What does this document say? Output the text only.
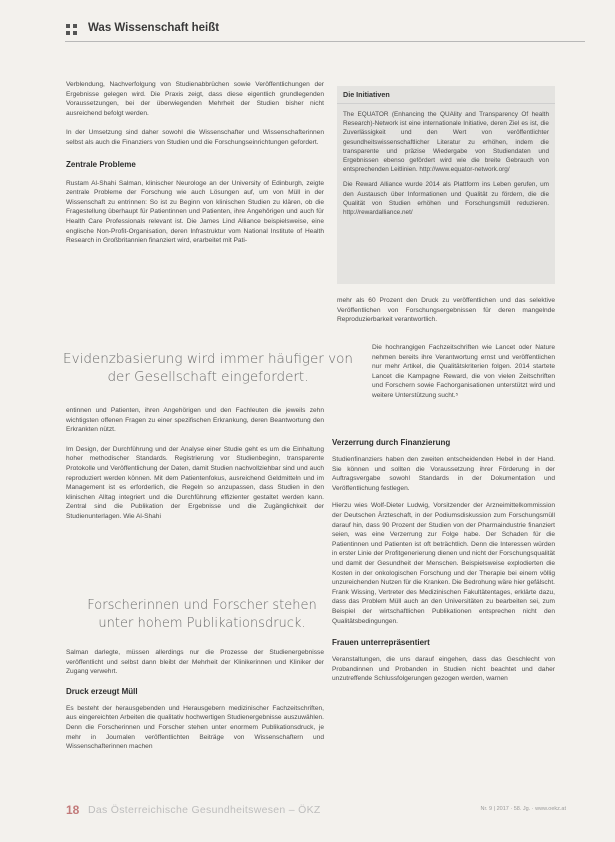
Was Wissenschaft heißt

Verblendung, Nachverfolgung von Studienabbrüchen sowie Veröffentlichungen der Ergebnisse gelegen wird. Die Praxis zeigt, dass diese eigentlich grundlegenden Voraussetzungen, bei der überwiegenden Mehrheit der Studien bisher nicht ausreichend befolgt werden.

In der Umsetzung sind daher sowohl die Wissenschafter und Wissenschafterinnen selbst als auch die Finanziers von Studien und die Forschungseinrichtungen gefordert.

Zentrale Probleme

Rustam Al-Shahi Salman, klinischer Neurologe an der University of Edinburgh, zeigte zentrale Probleme der Forschung wie auch Lösungen auf, um von Müll in der Wissenschaft zu entrinnen: So ist zu Beginn von klinischen Studien zu klären, ob die Fragestellung überhaupt für Patientinnen und Patienten, ihre Angehörigen und auch für Health Care Professionals relevant ist. Die James Lind Alliance beispielsweise, eine englische Non-Profit-Organisation, deren Infrastruktur vom National Institute of Health Research in Großbritannien finanziert wird, erarbeitet mit Pati-

Die Initiativen

The EQUATOR (Enhancing the QUAlity and Transparency Of health Research)-Network ist eine internationale Initiative, deren Ziel es ist, die Zuverlässigkeit und den Wert von veröffentlichter gesundheitswissenschaftlicher Literatur zu erhöhen, indem die transparente und präzise Wiedergabe von Studiendaten und Ergebnissen ebenso gefördert wird wie die breite Gebrauch von entsprechenden Leitlinien. http://www.equator-network.org/

Die Reward Alliance wurde 2014 als Plattform ins Leben gerufen, um den Austausch über Informationen und Qualität zu fördern, die die Qualität von Studien erhöhen und Forschungsmüll reduzieren. http://rewardalliance.net/

mehr als 60 Prozent den Druck zu veröffentlichen und das selektive Veröffentlichen von Forschungsergebnissen für deren mangelnde Reproduzierbarkeit verantwortlich.

Evidenzbasierung wird immer häufiger von der Gesellschaft eingefordert.

Die hochrangigen Fachzeitschriften wie Lancet oder Nature nehmen bereits ihre Verantwortung ernst und veröffentlichen nur mehr Artikel, die Qualitätskriterien folgen. 2014 startete Lancet die Kampagne Reward, die von vielen Zeitschriften und Forschern sowie Fachorganisationen unterstützt wird und weitere Unterstützung sucht.⁵

entinnen und Patienten, ihren Angehörigen und den Fachleuten die jeweils zehn wichtigsten offenen Fragen zu einer spezifischen Erkrankung, deren Beantwortung den Erkrankten nützt.

Im Design, der Durchführung und der Analyse einer Studie geht es um die Einhaltung hoher methodischer Standards. Registrierung vor Studienbeginn, transparente Protokolle und Veröffentlichung der Daten, damit Studien nachvollziehbar sind und auch reproduziert werden können. Mit dem Patientenfokus, ausreichend Geldmitteln und im Management ist es erforderlich, die Regeln so anzupassen, dass Studien in den klinischen Alltag integriert und die Durchführung effizienter gestaltet werden kann. Zentral sind die Publikation der Ergebnisse und die Zugänglichkeit der Studienunterlagen. Wie Al-Shahi

Verzerrung durch Finanzierung

Studienfinanziers haben den zweiten entscheidenden Hebel in der Hand. Sie können und sollten die Voraussetzung ihrer Förderung in der Auftragsvergabe sowohl Standards in der Dokumentation und Veröffentlichung festlegen.

Hierzu wies Wolf-Dieter Ludwig, Vorsitzender der Arzneimittelkommission der Deutschen Ärzteschaft, in der Podiumsdiskussion zum Forschungsmüll darauf hin, dass 90 Prozent der Studien von der Pharmaindustrie finanziert seien, was eine Verzerrung zur Folge habe. Der Schaden für die Patientinnen und Patienten ist oft beträchtlich. Denn die Interessen würden in erster Linie der Profitgenerierung dienen und nicht der Forschungsqualität und damit der Gesundheit der Menschen. Beispielsweise explodierten die Kosten in der onkologischen Forschung und der Therapie bei einem völlig unzureichenden Nutzen für die Kranken. Die Bedrohung wäre hier gefälscht. Frank Wissing, Vertreter des Medizinischen Fakultätentages, erklärte dazu, dass das Problem Müll auch an den Universitäten zu bearbeiten sei, zum Beispiel der wirtschaftlichen Publikationen entsprechen nicht den Qualitätsbedingungen.

Frauen unterrepräsentiert

Veranstaltungen, die uns darauf eingehen, dass das Geschlecht von Probandinnen und Probanden in Studien nicht beachtet und daher unzutreffende Schlussfolgerungen gezogen werden, warnen

Forscherinnen und Forscher stehen unter hohem Publikationsdruck.

Salman darlegte, müssen allerdings nur die Prozesse der Studienergebnisse veröffentlicht und selbst dann bleibt der Mehrheit der Klinikerinnen und Kliniker der Zugang verwehrt.

Druck erzeugt Müll

Es besteht der herausgebenden und Herausgebern medizinischer Fachzeitschriften, aus eingereichten Arbeiten die qualitativ hochwertigen Studienergebnisse auszuwählen. Denn die Forscherinnen und Forscher stehen unter enormem Publikationsdruck, je mehr in Journalen veröffentlichten Beiträge von Wissenschaftern und Wissenschafterinnen machen

18 Das Österreichische Gesundheitswesen – ÖKZ	Nr. 9 | 2017 · 58. Jg. · www.oekz.at
